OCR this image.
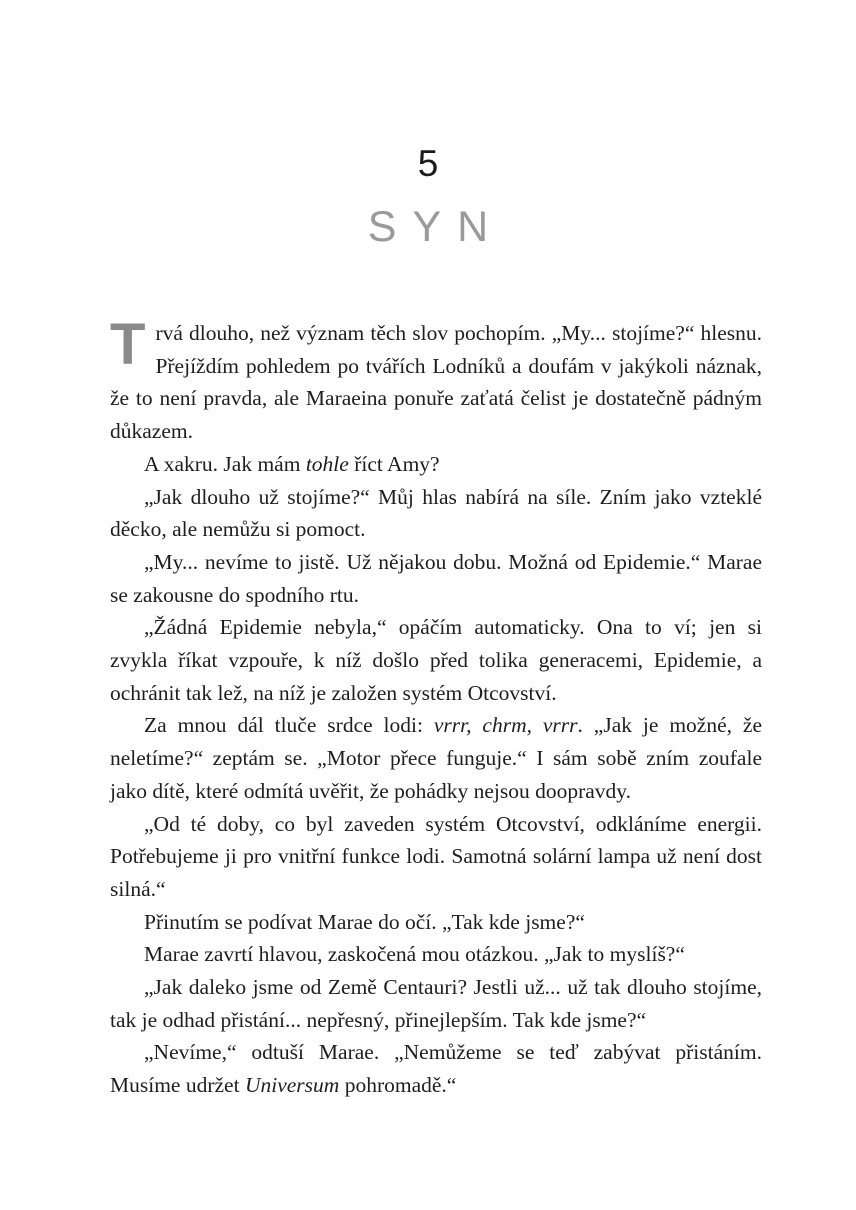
5
SYN

Trvá dlouho, než význam těch slov pochopím. „My... stojíme?“ hlesnu. Přejíždím pohledem po tvářích Lodníků a doufám v jakýkoli náznak, že to není pravda, ale Maraeina ponuře zaťatá čelist je dostatečně pádným důkazem.

A xakru. Jak mám tohle říct Amy?

„Jak dlouho už stojíme?“ Můj hlas nabírá na síle. Zním jako vzteklé děcko, ale nemůžu si pomoct.

„My... nevíme to jistě. Už nějakou dobu. Možná od Epidemie.“ Marae se zakousne do spodního rtu.

„Žádná Epidemie nebyla,“ opáčím automaticky. Ona to ví; jen si zvykla říkat vzpouře, k níž došlo před tolika generacemi, Epidemie, a ochránit tak lež, na níž je založen systém Otcovství.

Za mnou dál tluče srdce lodi: vrrr, chrm, vrrr. „Jak je možné, že neletíme?“ zeptám se. „Motor přece funguje.“ I sám sobě zním zoufale jako dítě, které odmítá uvěřit, že pohádky nejsou doopravdy.

„Od té doby, co byl zaveden systém Otcovství, odkláníme energii. Potřebujeme ji pro vnitřní funkce lodi. Samotná solární lampa už není dost silná.“

Přinutím se podívat Marae do očí. „Tak kde jsme?“

Marae zavrtí hlavou, zaskočená mou otázkou. „Jak to myslíš?“

„Jak daleko jsme od Země Centauri? Jestli už... už tak dlouho stojíme, tak je odhad přistání... nepřesný, přinejlepším. Tak kde jsme?“

„Nevíme,“ odtuší Marae. „Nemůžeme se teď zabývat přistáním. Musíme udržet Universum pohromadě.“
